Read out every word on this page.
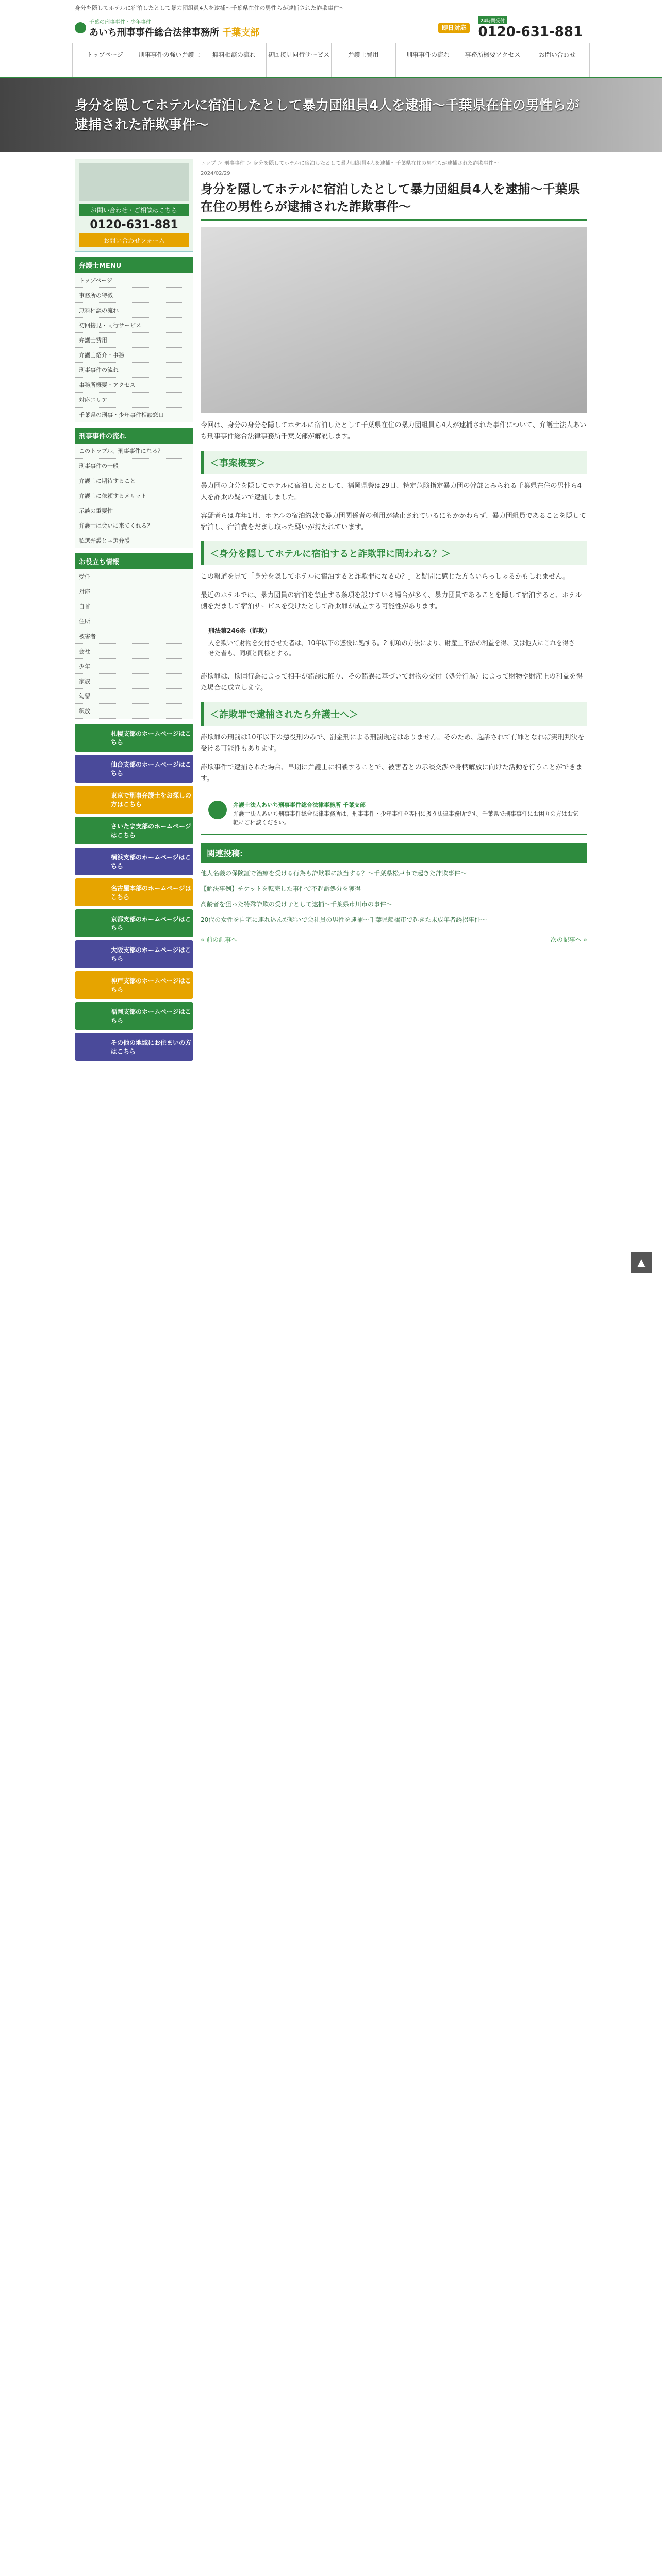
身分を隠してホテルに宿泊したとして暴力団組員4人を逮捕〜千葉県在住の男性らが逮捕された詐欺事件〜
千葉の刑事事件・少年事件
あいち刑事事件総合法律事務所 千葉支部	即日対応
24時間受付
0120-631-881
トップページ	刑事事件の強い弁護士	無料相談の流れ	初回接見同行サービス	弁護士費用	刑事事件の流れ	事務所概要アクセス	お問い合わせ
身分を隠してホテルに宿泊したとして暴力団組員4人を逮捕〜千葉県在住の男性らが逮捕された詐欺事件〜
お問い合わせ・ご相談はこちら
0120-631-881
お問い合わせフォーム
弁護士MENU
トップページ
事務所の特徴
無料相談の流れ
初回接見・同行サービス
弁護士費用
弁護士紹介・事務
刑事事件の流れ
事務所概要・アクセス
対応エリア
千葉県の刑事・少年事件相談窓口
刑事事件の流れ
このトラブル、刑事事件になる？
刑事事件の一般
弁護士に期待すること
弁護士に依頼するメリット
示談の重要性
弁護士は会いに来てくれる？
私選弁護と国選弁護
お役立ち情報
受任
対応
自首
住所
被害者
会社
少年
家族
勾留
釈放
札幌支部のホームページはこちら
仙台支部のホームページはこちら
東京で刑事弁護士をお探しの方はこちら
さいたま支部のホームページはこちら
横浜支部のホームページはこちら
名古屋本部のホームページはこちら
京都支部のホームページはこちら
大阪支部のホームページはこちら
神戸支部のホームページはこちら
福岡支部のホームページはこちら
その他の地域にお住まいの方はこちら
トップ ＞ 刑事事件 ＞ 身分を隠してホテルに宿泊したとして暴力団組員4人を逮捕〜千葉県在住の男性らが逮捕された詐欺事件〜
2024/02/29
身分を隠してホテルに宿泊したとして暴力団組員4人を逮捕〜千葉県在住の男性らが逮捕された詐欺事件〜

今回は、身分の身分を隠してホテルに宿泊したとして千葉県在住の暴力団組員ら4人が逮捕された事件について、弁護士法人あいち刑事事件総合法律事務所千葉支部が解説します。

＜事案概要＞

暴力団の身分を隠してホテルに宿泊したとして、福岡県警は29日、特定危険指定暴力団の幹部とみられる千葉県在住の男性ら4人を詐欺の疑いで逮捕しました。

容疑者らは昨年1月、ホテルの宿泊約款で暴力団関係者の利用が禁止されているにもかかわらず、暴力団組員であることを隠して宿泊し、宿泊費をだまし取った疑いが持たれています。

＜身分を隠してホテルに宿泊すると詐欺罪に問われる？＞

この報道を見て「身分を隠してホテルに宿泊すると詐欺罪になるの？」と疑問に感じた方もいらっしゃるかもしれません。

最近のホテルでは、暴力団員の宿泊を禁止する条項を設けている場合が多く、暴力団員であることを隠して宿泊すると、ホテル側をだまして宿泊サービスを受けたとして詐欺罪が成立する可能性があります。

刑法第246条（詐欺）
人を欺いて財物を交付させた者は、10年以下の懲役に処する。2 前項の方法により、財産上不法の利益を得、又は他人にこれを得させた者も、同項と同様とする。

詐欺罪は、欺罔行為によって相手が錯誤に陥り、その錯誤に基づいて財物の交付（処分行為）によって財物や財産上の利益を得た場合に成立します。

＜詐欺罪で逮捕されたら弁護士へ＞

詐欺罪の刑罰は10年以下の懲役刑のみで、罰金刑による刑罰規定はありません。そのため、起訴されて有罪となれば実刑判決を受ける可能性もあります。

詐欺事件で逮捕された場合、早期に弁護士に相談することで、被害者との示談交渉や身柄解放に向けた活動を行うことができます。

弁護士法人あいち刑事事件総合法律事務所 千葉支部
弁護士法人あいち刑事事件総合法律事務所は、刑事事件・少年事件を専門に扱う法律事務所です。千葉県で刑事事件にお困りの方はお気軽にご相談ください。
関連投稿:
他人名義の保険証で治療を受ける行為も詐欺罪に該当する？〜千葉県松戸市で起きた詐欺事件〜
【解決事例】チケットを転売した事件で不起訴処分を獲得
高齢者を狙った特殊詐欺の受け子として逮捕〜千葉県市川市の事件〜
20代の女性を自宅に連れ込んだ疑いで会社員の男性を逮捕〜千葉県船橋市で起きた未成年者誘拐事件〜
« 前の記事へ	次の記事へ »
▲
